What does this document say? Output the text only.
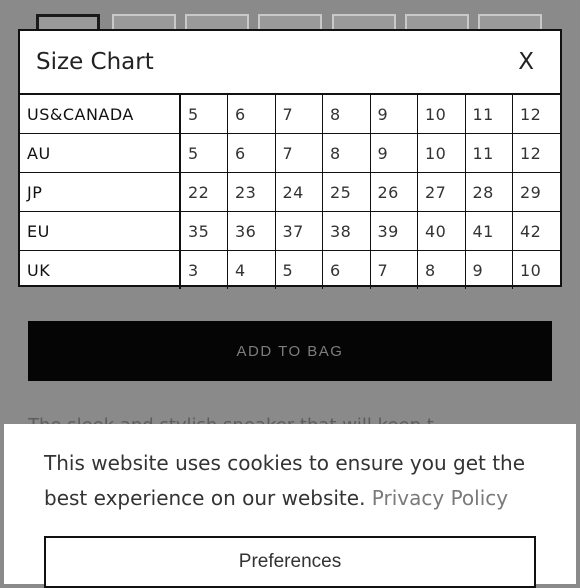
ADD TO BAG
Size Chart	X
US&CANADA	5	6	7	8	9	10	11	12
AU	5	6	7	8	9	10	11	12
JP	22	23	24	25	26	27	28	29
EU	35	36	37	38	39	40	41	42
UK	3	4	5	6	7	8	9	10
This website uses cookies to ensure you get the best experience on our website. Privacy Policy
Preferences
